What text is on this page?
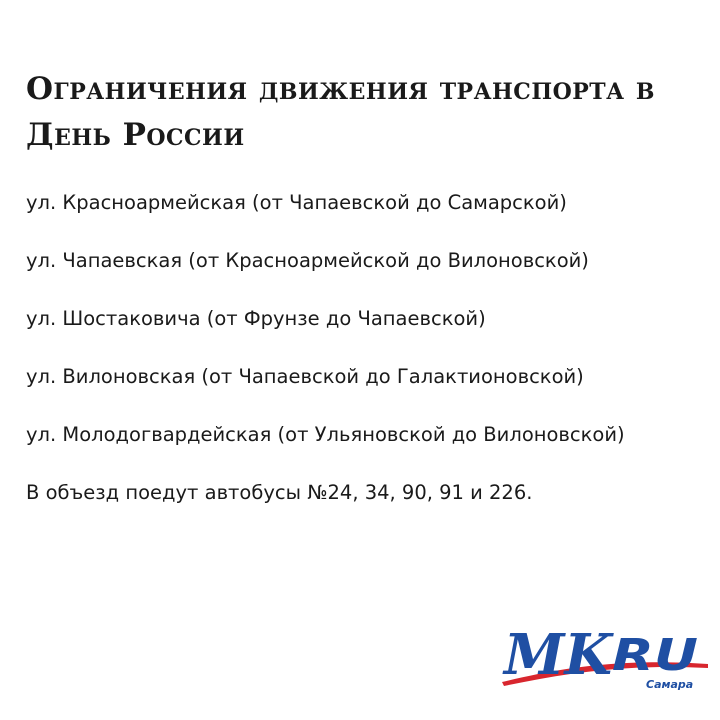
Ограничения движения транспорта в День России
ул. Красноармейская (от Чапаевской до Самарской)
ул. Чапаевская (от Красноармейской до Вилоновской)
ул. Шостаковича (от Фрунзе до Чапаевской)
ул. Вилоновская (от Чапаевской до Галактионовской)
ул. Молодогвардейская (от Ульяновской до Вилоновской)
В объезд поедут автобусы №24, 34, 90, 91 и 226.
MK
RU
Самара
